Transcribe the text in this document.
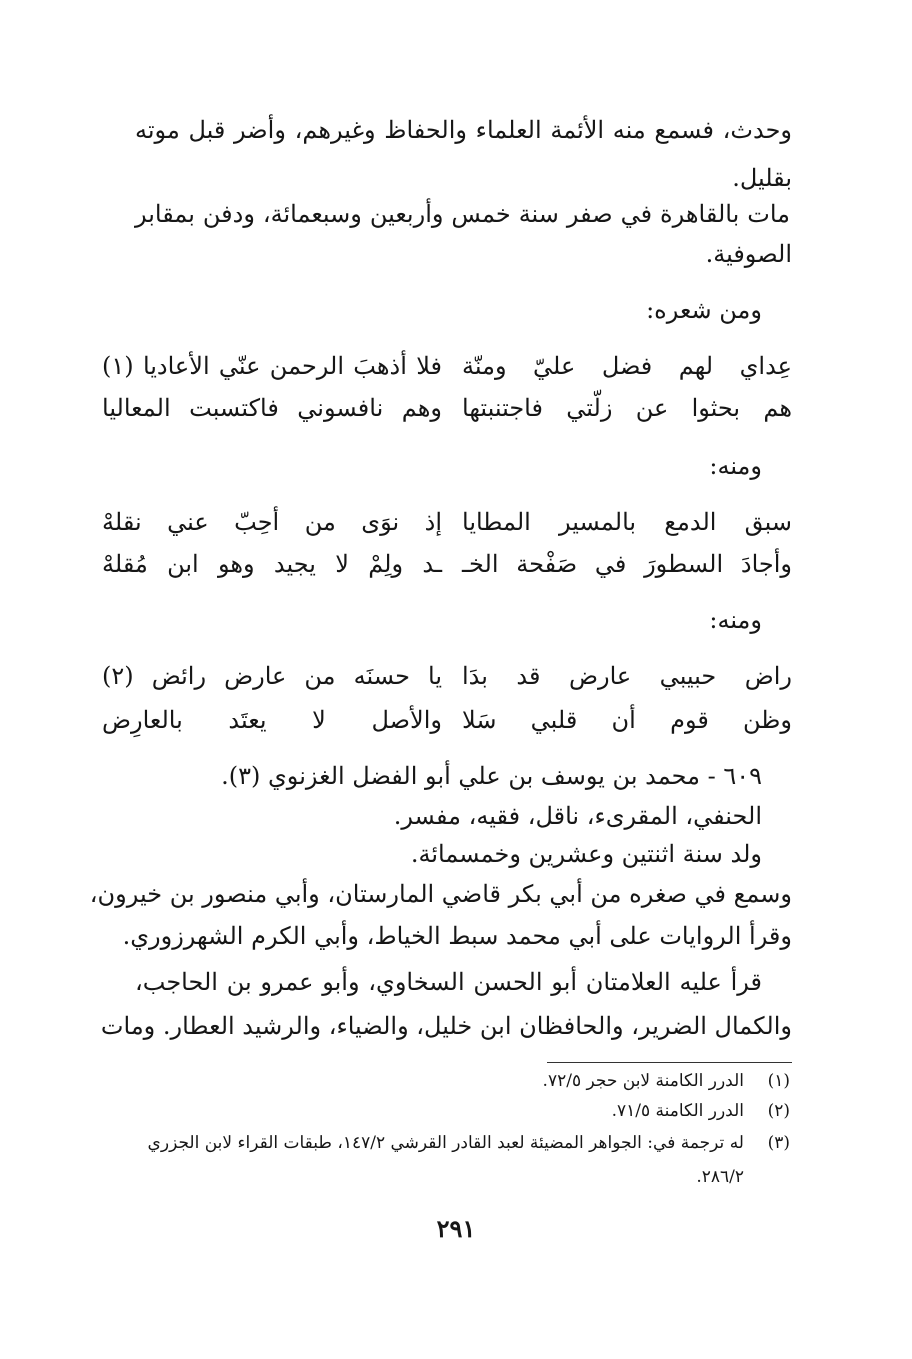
وحدث، فسمع منه الأئمة العلماء والحفاظ وغيرهم، وأضر قبل موته
بقليل.
مات بالقاهرة في صفر سنة خمس وأربعين وسبعمائة، ودفن بمقابر
الصوفية.
ومن شعره:
عِداي لهم فضل عليّ ومنّة
فلا أذهبَ الرحمن عنّي الأعاديا (١)
هم بحثوا عن زلّتي فاجتنبتها
وهم نافسوني فاكتسبت المعاليا
ومنه:
سبق الدمع بالمسير المطايا
إذ نوَى من أحِبّ عني نقلهْ
وأجادَ السطورَ في صَفْحة الخـ
ـد ولِمْ لا يجيد وهو ابن مُقلهْ
ومنه:
راض حبيبي عارض قد بدَا
يا حسنَه من عارض رائض (٢)
وظن قوم أن قلبي سَلا
والأصل لا يعتَد بالعارِض
٦٠٩ - محمد بن يوسف بن علي أبو الفضل الغزنوي (٣).
الحنفي، المقرىء، ناقل، فقيه، مفسر.
ولد سنة اثنتين وعشرين وخمسمائة.
وسمع في صغره من أبي بكر قاضي المارستان، وأبي منصور بن خيرون،
وقرأ الروايات على أبي محمد سبط الخياط، وأبي الكرم الشهرزوري.
قرأ عليه العلامتان أبو الحسن السخاوي، وأبو عمرو بن الحاجب،
والكمال الضرير، والحافظان ابن خليل، والضياء، والرشيد العطار. ومات
(١)الدرر الكامنة لابن حجر ٧٢/٥.
(٢)الدرر الكامنة ٧١/٥.
(٣)له ترجمة في: الجواهر المضيئة لعبد القادر القرشي ١٤٧/٢، طبقات القراء لابن الجزري
٢٨٦/٢.
٢٩١
